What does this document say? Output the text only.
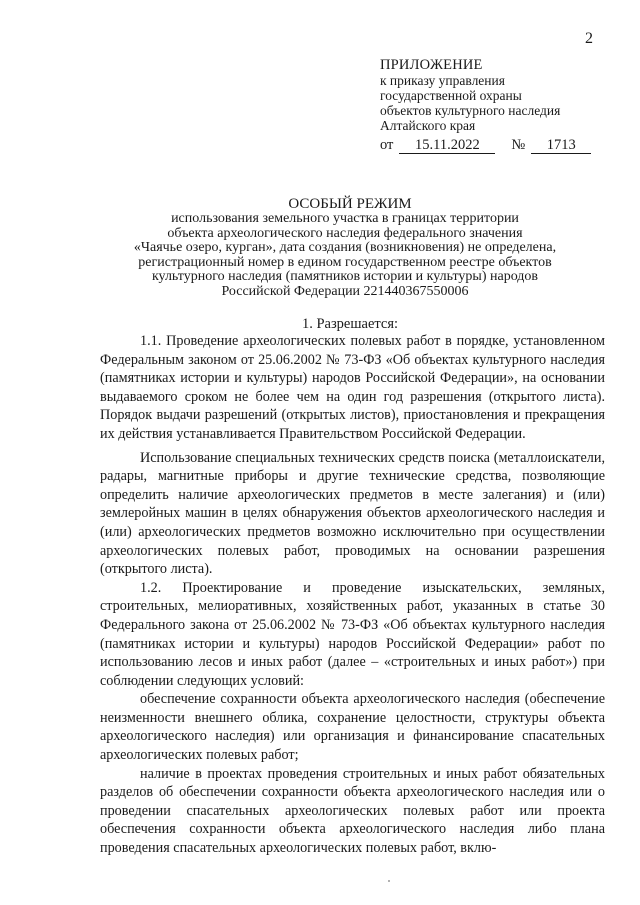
2
ПРИЛОЖЕНИЕ
к приказу управления
государственной охраны
объектов культурного наследия
Алтайского края
от	15.11.2022	№	1713
ОСОБЫЙ РЕЖИМ
использования земельного участка в границах территории
объекта археологического наследия федерального значения
«Чаячье озеро, курган», дата создания (возникновения) не определена,
регистрационный номер в едином государственном реестре объектов
культурного наследия (памятников истории и культуры) народов
Российской Федерации 221440367550006
1. Разрешается:

1.1. Проведение археологических полевых работ в порядке, установленном Федеральным законом от 25.06.2002 № 73-ФЗ «Об объектах культурного наследия (памятниках истории и культуры) народов Российской Федерации», на основании выдаваемого сроком не более чем на один год разрешения (открытого листа). Порядок выдачи разрешений (открытых листов), приостановления и прекращения их действия устанавливается Правительством Российской Федерации.

Использование специальных технических средств поиска (металлоискатели, радары, магнитные приборы и другие технические средства, позволяющие определить наличие археологических предметов в месте залегания) и (или) землеройных машин в целях обнаружения объектов археологического наследия и (или) археологических предметов возможно исключительно при осуществлении археологических полевых работ, проводимых на основании разрешения (открытого листа).

1.2. Проектирование и проведение изыскательских, земляных, строительных, мелиоративных, хозяйственных работ, указанных в статье 30 Федерального закона от 25.06.2002 № 73-ФЗ «Об объектах культурного наследия (памятниках истории и культуры) народов Российской Федерации» работ по использованию лесов и иных работ (далее – «строительных и иных работ») при соблюдении следующих условий:

обеспечение сохранности объекта археологического наследия (обеспечение неизменности внешнего облика, сохранение целостности, структуры объекта археологического наследия) или организация и финансирование спасательных археологических полевых работ;

наличие в проектах проведения строительных и иных работ обязательных разделов об обеспечении сохранности объекта археологического наследия или о проведении спасательных археологических полевых работ или проекта обеспечения сохранности объекта археологического наследия либо плана проведения спасательных археологических полевых работ, вклю-
